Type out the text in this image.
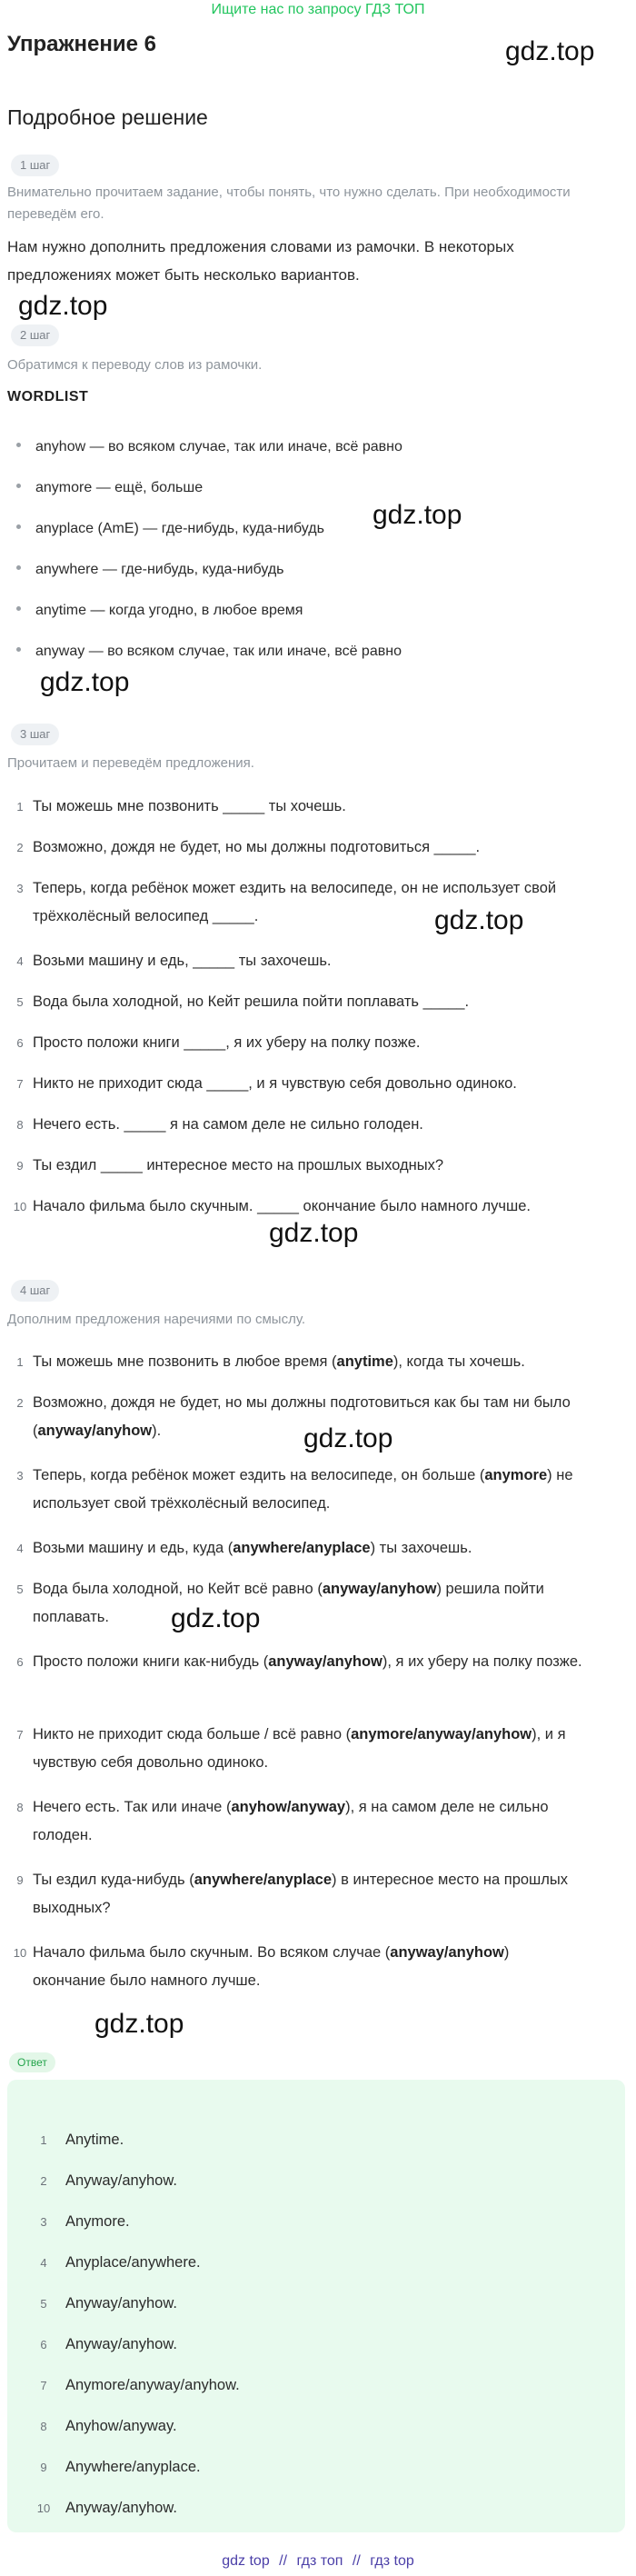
Ищите нас по запросу ГДЗ ТОП
gdz.top
gdz.top
gdz.top
gdz.top
gdz.top
gdz.top
gdz.top
gdz.top
gdz.top
Упражнение 6
Подробное решение
1 шаг
Внимательно прочитаем задание, чтобы понять, что нужно сделать. При необходимости переведём его.
Нам нужно дополнить предложения словами из рамочки. В некоторых предложениях может быть несколько вариантов.
2 шаг
Обратимся к переводу слов из рамочки.
WORDLIST
anyhow — во всяком случае, так или иначе, всё равно
anymore — ещё, больше
anyplace (AmE) — где-нибудь, куда-нибудь
anywhere — где-нибудь, куда-нибудь
anytime — когда угодно, в любое время
anyway — во всяком случае, так или иначе, всё равно
3 шаг
Прочитаем и переведём предложения.
1 Ты можешь мне позвонить _____ ты хочешь.
2 Возможно, дождя не будет, но мы должны подготовиться _____.
3 Теперь, когда ребёнок может ездить на велосипеде, он не использует свой трёхколёсный велосипед _____.
4 Возьми машину и едь, _____ ты захочешь.
5 Вода была холодной, но Кейт решила пойти поплавать _____.
6 Просто положи книги _____, я их уберу на полку позже.
7 Никто не приходит сюда _____, и я чувствую себя довольно одиноко.
8 Нечего есть. _____ я на самом деле не сильно голоден.
9 Ты ездил _____ интересное место на прошлых выходных?
10 Начало фильма было скучным. _____ окончание было намного лучше.
4 шаг
Дополним предложения наречиями по смыслу.
1 Ты можешь мне позвонить в любое время (anytime), когда ты хочешь.
2 Возможно, дождя не будет, но мы должны подготовиться как бы там ни было (anyway/anyhow).
3 Теперь, когда ребёнок может ездить на велосипеде, он больше (anymore) не использует свой трёхколёсный велосипед.
4 Возьми машину и едь, куда (anywhere/anyplace) ты захочешь.
5 Вода была холодной, но Кейт всё равно (anyway/anyhow) решила пойти поплавать.
6 Просто положи книги как-нибудь (anyway/anyhow), я их уберу на полку позже.
7 Никто не приходит сюда больше / всё равно (anymore/anyway/anyhow), и я чувствую себя довольно одиноко.
8 Нечего есть. Так или иначе (anyhow/anyway), я на самом деле не сильно голоден.
9 Ты ездил куда-нибудь (anywhere/anyplace) в интересное место на прошлых выходных?
10 Начало фильма было скучным. Во всяком случае (anyway/anyhow) окончание было намного лучше.
Ответ
1 Anytime.
2 Anyway/anyhow.
3 Anymore.
4 Anyplace/anywhere.
5 Anyway/anyhow.
6 Anyway/anyhow.
7 Anymore/anyway/anyhow.
8 Anyhow/anyway.
9 Anywhere/anyplace.
10 Anyway/anyhow.
gdz top // гдз топ // гдз top
